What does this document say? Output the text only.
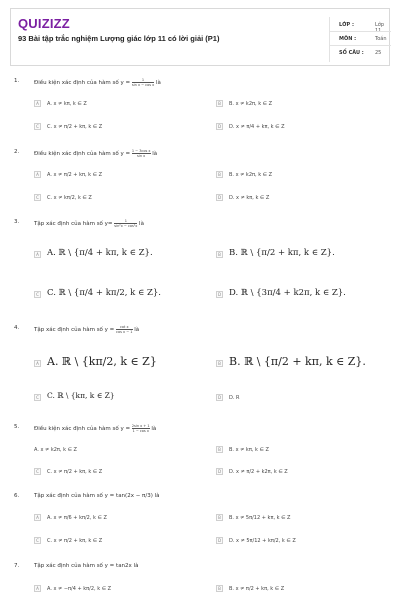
QUIZIZZ
93 Bài tập trắc nghiệm Lượng giác lớp 11 có lời giải (P1)
LỚP :	Lớp 11
MÔN :	Toán
SỐ CÂU : 25
1.	Điều kiện xác định của hàm số $y = \frac{1}{\text{sin x − cos x}}$ là
A	A. x ≠ kπ, k ∈ Z	B	B. x ≠ k2π, k ∈ Z
C	C. x ≠ π/2 + kπ, k ∈ Z	D	D. x ≠ π/4 + kπ, k ∈ Z
2.	Điều kiện xác định của hàm số $y = \frac{\text{1 − 3cos x}}{\text{sin x}}$ là
A	A. x ≠ π/2 + kπ, k ∈ Z	B	B. x ≠ k2π, k ∈ Z
C	C. x ≠ kπ/2, k ∈ Z	D	D. x ≠ kπ, k ∈ Z
3.	Tập xác định của hàm số $y= \frac{1}{\text{sin²x − cos²x}}$ là
A A. ℝ \ {π/4 + kπ, k ∈ Z}.	B B. ℝ \ {π/2 + kπ, k ∈ Z}.
C C. ℝ \ {π/4 + kπ/2, k ∈ Z}.	D D. ℝ \ {3π/4 + k2π, k ∈ Z}.
4.	Tập xác định của hàm số $y = \frac{\text{cot x}}{\text{cos x − 1}}$ là
A A. ℝ \ {kπ/2, k ∈ Z}	B B. ℝ \ {π/2 + kπ, k ∈ Z}.
C C. ℝ \ {kπ, k ∈ Z}	D	D. R
5.	Điều kiện xác định của hàm số $y = \frac{\text{2sin x + 1}}{\text{1 − cos x}}$ là
A. x ≠ k2π, k ∈ Z	B	B. x ≠ kπ, k ∈ Z
C	C. x ≠ π/2 + kπ, k ∈ Z	D	D. x ≠ π/2 + k2π, k ∈ Z
6.	Tập xác định của hàm số y = tan(2x − π/3) là
A	A. x ≠ π/6 + kπ/2, k ∈ Z	B	B. x ≠ 5π/12 + kπ, k ∈ Z
C	C. x ≠ π/2 + kπ, k ∈ Z	D	D. x ≠ 5π/12 + kπ/2, k ∈ Z
7.	Tập xác định của hàm số y = tan2x là
A	A. x ≠ −π/4 + kπ/2, k ∈ Z	B	B. x ≠ π/2 + kπ, k ∈ Z
